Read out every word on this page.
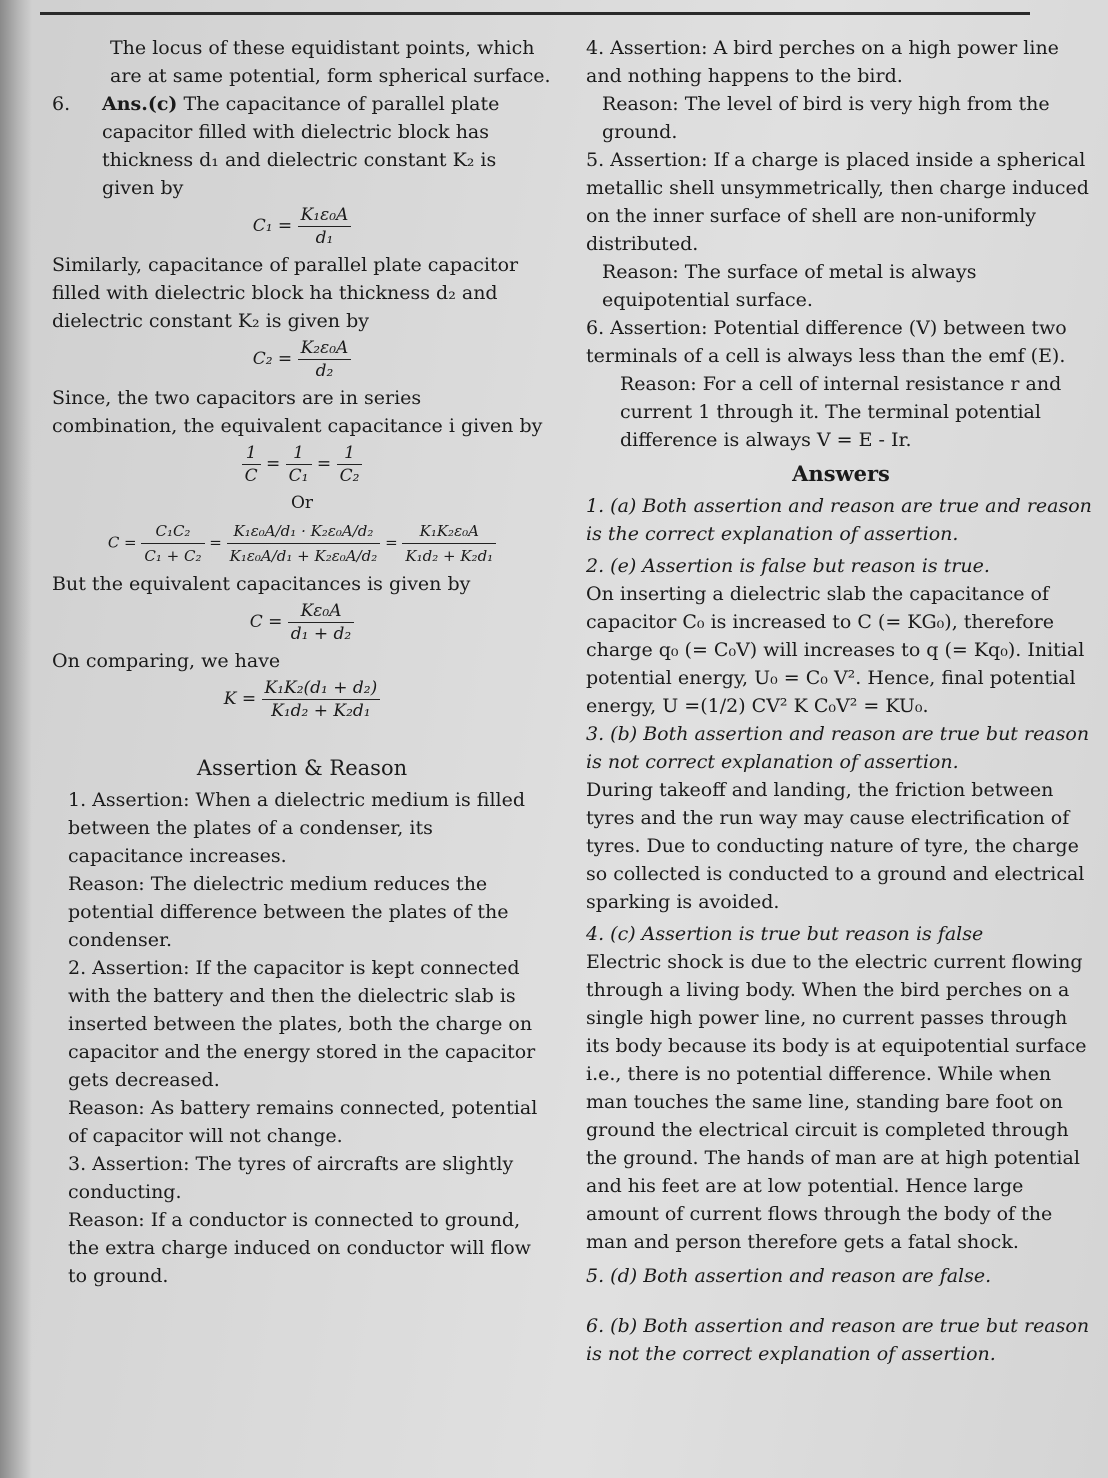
The locus of these equidistant points, which are at same potential, form spherical surface.

6.	Ans.(c) The capacitance of parallel plate capacitor filled with dielectric block has thickness d₁ and dielectric constant K₂ is given by

$C_1 = \frac{\text{K₁ε₀A}}{\text{d₁}}$

Similarly, capacitance of parallel plate capacitor filled with dielectric block ha thickness d₂ and dielectric constant K₂ is given by

$C_2 = \frac{\text{K₂ε₀A}}{\text{d₂}}$

Since, the two capacitors are in series combination, the equivalent capacitance i given by

$\frac{1}{C} = \frac{1}{\text{C₁}} = \frac{1}{\text{C₂}}$
Or
$C = \frac{\text{C₁C₂}}{\text{C₁ + C₂}} = \frac{\text{K₁ε₀A/d₁ · K₂ε₀A/d₂}}{\text{K₁ε₀A/d₁ + K₂ε₀A/d₂}} = \frac{\text{K₁K₂ε₀A}}{\text{K₁d₂ + K₂d₁}}$

But the equivalent capacitances is given by

$C = \frac{\text{Kε₀A}}{\text{d₁ + d₂}}$

On comparing, we have

$K = \frac{\text{K₁K₂(d₁ + d₂)}}{\text{K₁d₂ + K₂d₁}}$
Assertion & Reason

1. Assertion: When a dielectric medium is filled between the plates of a condenser, its capacitance increases.

Reason: The dielectric medium reduces the potential difference between the plates of the condenser.

2. Assertion: If the capacitor is kept connected with the battery and then the dielectric slab is inserted between the plates, both the charge on capacitor and the energy stored in the capacitor gets decreased.

Reason: As battery remains connected, potential of capacitor will not change.

3. Assertion: The tyres of aircrafts are slightly conducting.

Reason: If a conductor is connected to ground, the extra charge induced on conductor will flow to ground.

4. Assertion: A bird perches on a high power line and nothing happens to the bird.

Reason: The level of bird is very high from the ground.

5. Assertion: If a charge is placed inside a spherical metallic shell unsymmetrically, then charge induced on the inner surface of shell are non-uniformly distributed.

Reason: The surface of metal is always equipotential surface.

6. Assertion: Potential difference (V) between two terminals of a cell is always less than the emf (E).

Reason: For a cell of internal resistance r and current 1 through it. The terminal potential difference is always V = E - Ir.

Answers

1. (a) Both assertion and reason are true and reason is the correct explanation of assertion.

2. (e) Assertion is false but reason is true.

On inserting a dielectric slab the capacitance of capacitor C₀ is increased to C (= KG₀), therefore charge q₀ (= C₀V) will increases to q (= Kq₀). Initial potential energy, U₀ = C₀ V². Hence, final potential energy, U =(1/2) CV² K C₀V² = KU₀.

3. (b) Both assertion and reason are true but reason is not correct explanation of assertion.

During takeoff and landing, the friction between tyres and the run way may cause electrification of tyres. Due to conducting nature of tyre, the charge so collected is conducted to a ground and electrical sparking is avoided.

4. (c) Assertion is true but reason is false

Electric shock is due to the electric current flowing through a living body. When the bird perches on a single high power line, no current passes through its body because its body is at equipotential surface i.e., there is no potential difference. While when man touches the same line, standing bare foot on ground the electrical circuit is completed through the ground. The hands of man are at high potential and his feet are at low potential. Hence large amount of current flows through the body of the man and person therefore gets a fatal shock.

5. (d) Both assertion and reason are false.

6. (b) Both assertion and reason are true but reason is not the correct explanation of assertion.
